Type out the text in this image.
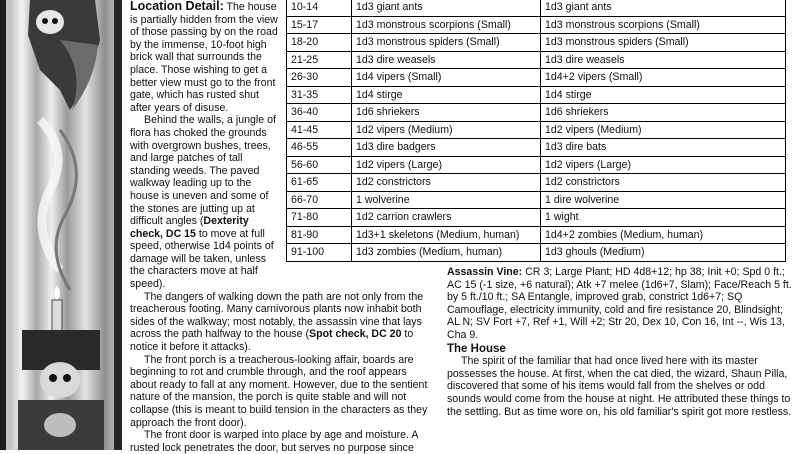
Location Detail: The house is partially hidden from the view of those passing by on the road by the immense, 10-foot high brick wall that surrounds the place. Those wishing to get a better view must go to the front gate, which has rusted shut after years of disuse.

Behind the walls, a jungle of flora has choked the grounds with overgrown bushes, trees, and large patches of tall standing weeds. The paved walkway leading up to the house is uneven and some of the stones are jutting up at difficult angles (Dexterity check, DC 15 to move at full speed, otherwise 1d4 points of damage will be taken, unless the characters move at half speed).

The dangers of walking down the path are not only from the treacherous footing. Many carnivorous plants now inhabit both sides of the walkway; most notably, the assassin vine that lays across the path halfway to the house (Spot check, DC 20 to notice it before it attacks).

The front porch is a treacherous-looking affair, boards are beginning to rot and crumble through, and the roof appears about ready to fall at any moment. However, due to the sentient nature of the mansion, the porch is quite stable and will not collapse (this is meant to build tension in the characters as they approach the front door).

The front door is warped into place by age and moisture. A rusted lock penetrates the door, but serves no purpose since

10-14	1d3 giant ants	1d3 giant ants
15-17	1d3 monstrous scorpions (Small)	1d3 monstrous scorpions (Small)
18-20	1d3 monstrous spiders (Small)	1d3 monstrous spiders (Small)
21-25	1d3 dire weasels	1d3 dire weasels
26-30	1d4 vipers (Small)	1d4+2 vipers (Small)
31-35	1d4 stirge	1d4 stirge
36-40	1d6 shriekers	1d6 shriekers
41-45	1d2 vipers (Medium)	1d2 vipers (Medium)
46-55	1d3 dire badgers	1d3 dire bats
56-60	1d2 vipers (Large)	1d2 vipers (Large)
61-65	1d2 constrictors	1d2 constrictors
66-70	1 wolverine	1 dire wolverine
71-80	1d2 carrion crawlers	1 wight
81-90	1d3+1 skeletons (Medium, human)	1d4+2 zombies (Medium, human)
91-100	1d3 zombies (Medium, human)	1d3 ghouls (Medium)

Assassin Vine: CR 3; Large Plant; HD 4d8+12; hp 38; Init +0; Spd 0 ft.; AC 15 (-1 size, +6 natural); Atk +7 melee (1d6+7, Slam); Face/Reach 5 ft. by 5 ft./10 ft.; SA Entangle, improved grab, constrict 1d6+7; SQ Camouflage, electricity immunity, cold and fire resistance 20, Blindsight; AL N; SV Fort +7, Ref +1, Will +2; Str 20, Dex 10, Con 16, Int --, Wis 13, Cha 9.

The House

The spirit of the familiar that had once lived here with its master possesses the house. At first, when the cat died, the wizard, Shaun Pilla, discovered that some of his items would fall from the shelves or odd sounds would come from the house at night. He attributed these things to the settling. But as time wore on, his old familiar's spirit got more restless.
